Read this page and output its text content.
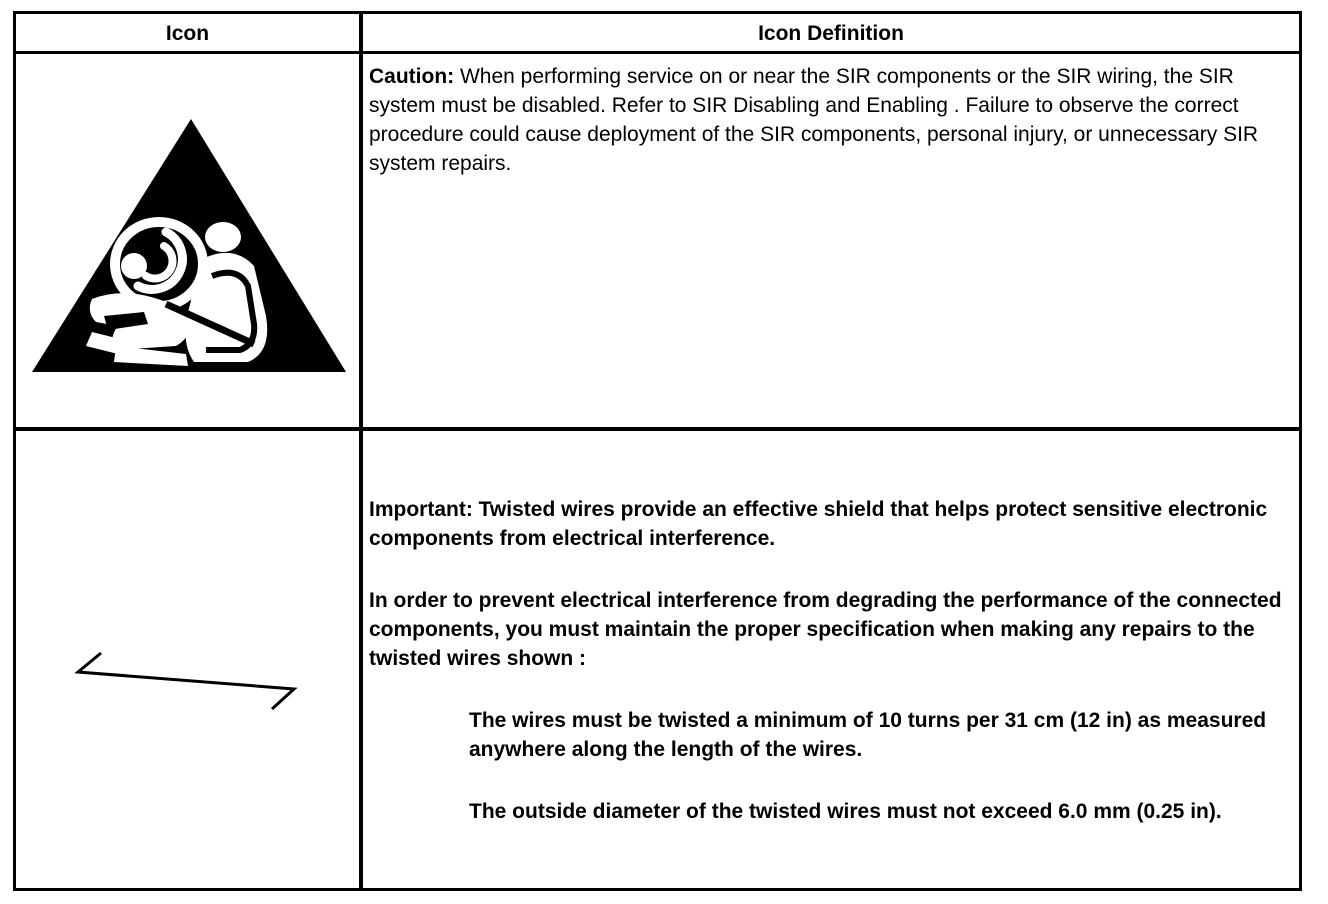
Icon	Icon Definition

Caution: When performing service on or near the SIR components or the SIR wiring, the SIR system must be disabled. Refer to SIR Disabling and Enabling . Failure to observe the correct procedure could cause deployment of the SIR components, personal injury, or unnecessary SIR system repairs.

Important: Twisted wires provide an effective shield that helps protect sensitive electronic components from electrical interference.

In order to prevent electrical interference from degrading the performance of the connected components, you must maintain the proper specification when making any repairs to the twisted wires shown :

The wires must be twisted a minimum of 10 turns per 31 cm (12 in) as measured anywhere along the length of the wires.

The outside diameter of the twisted wires must not exceed 6.0 mm (0.25 in).
